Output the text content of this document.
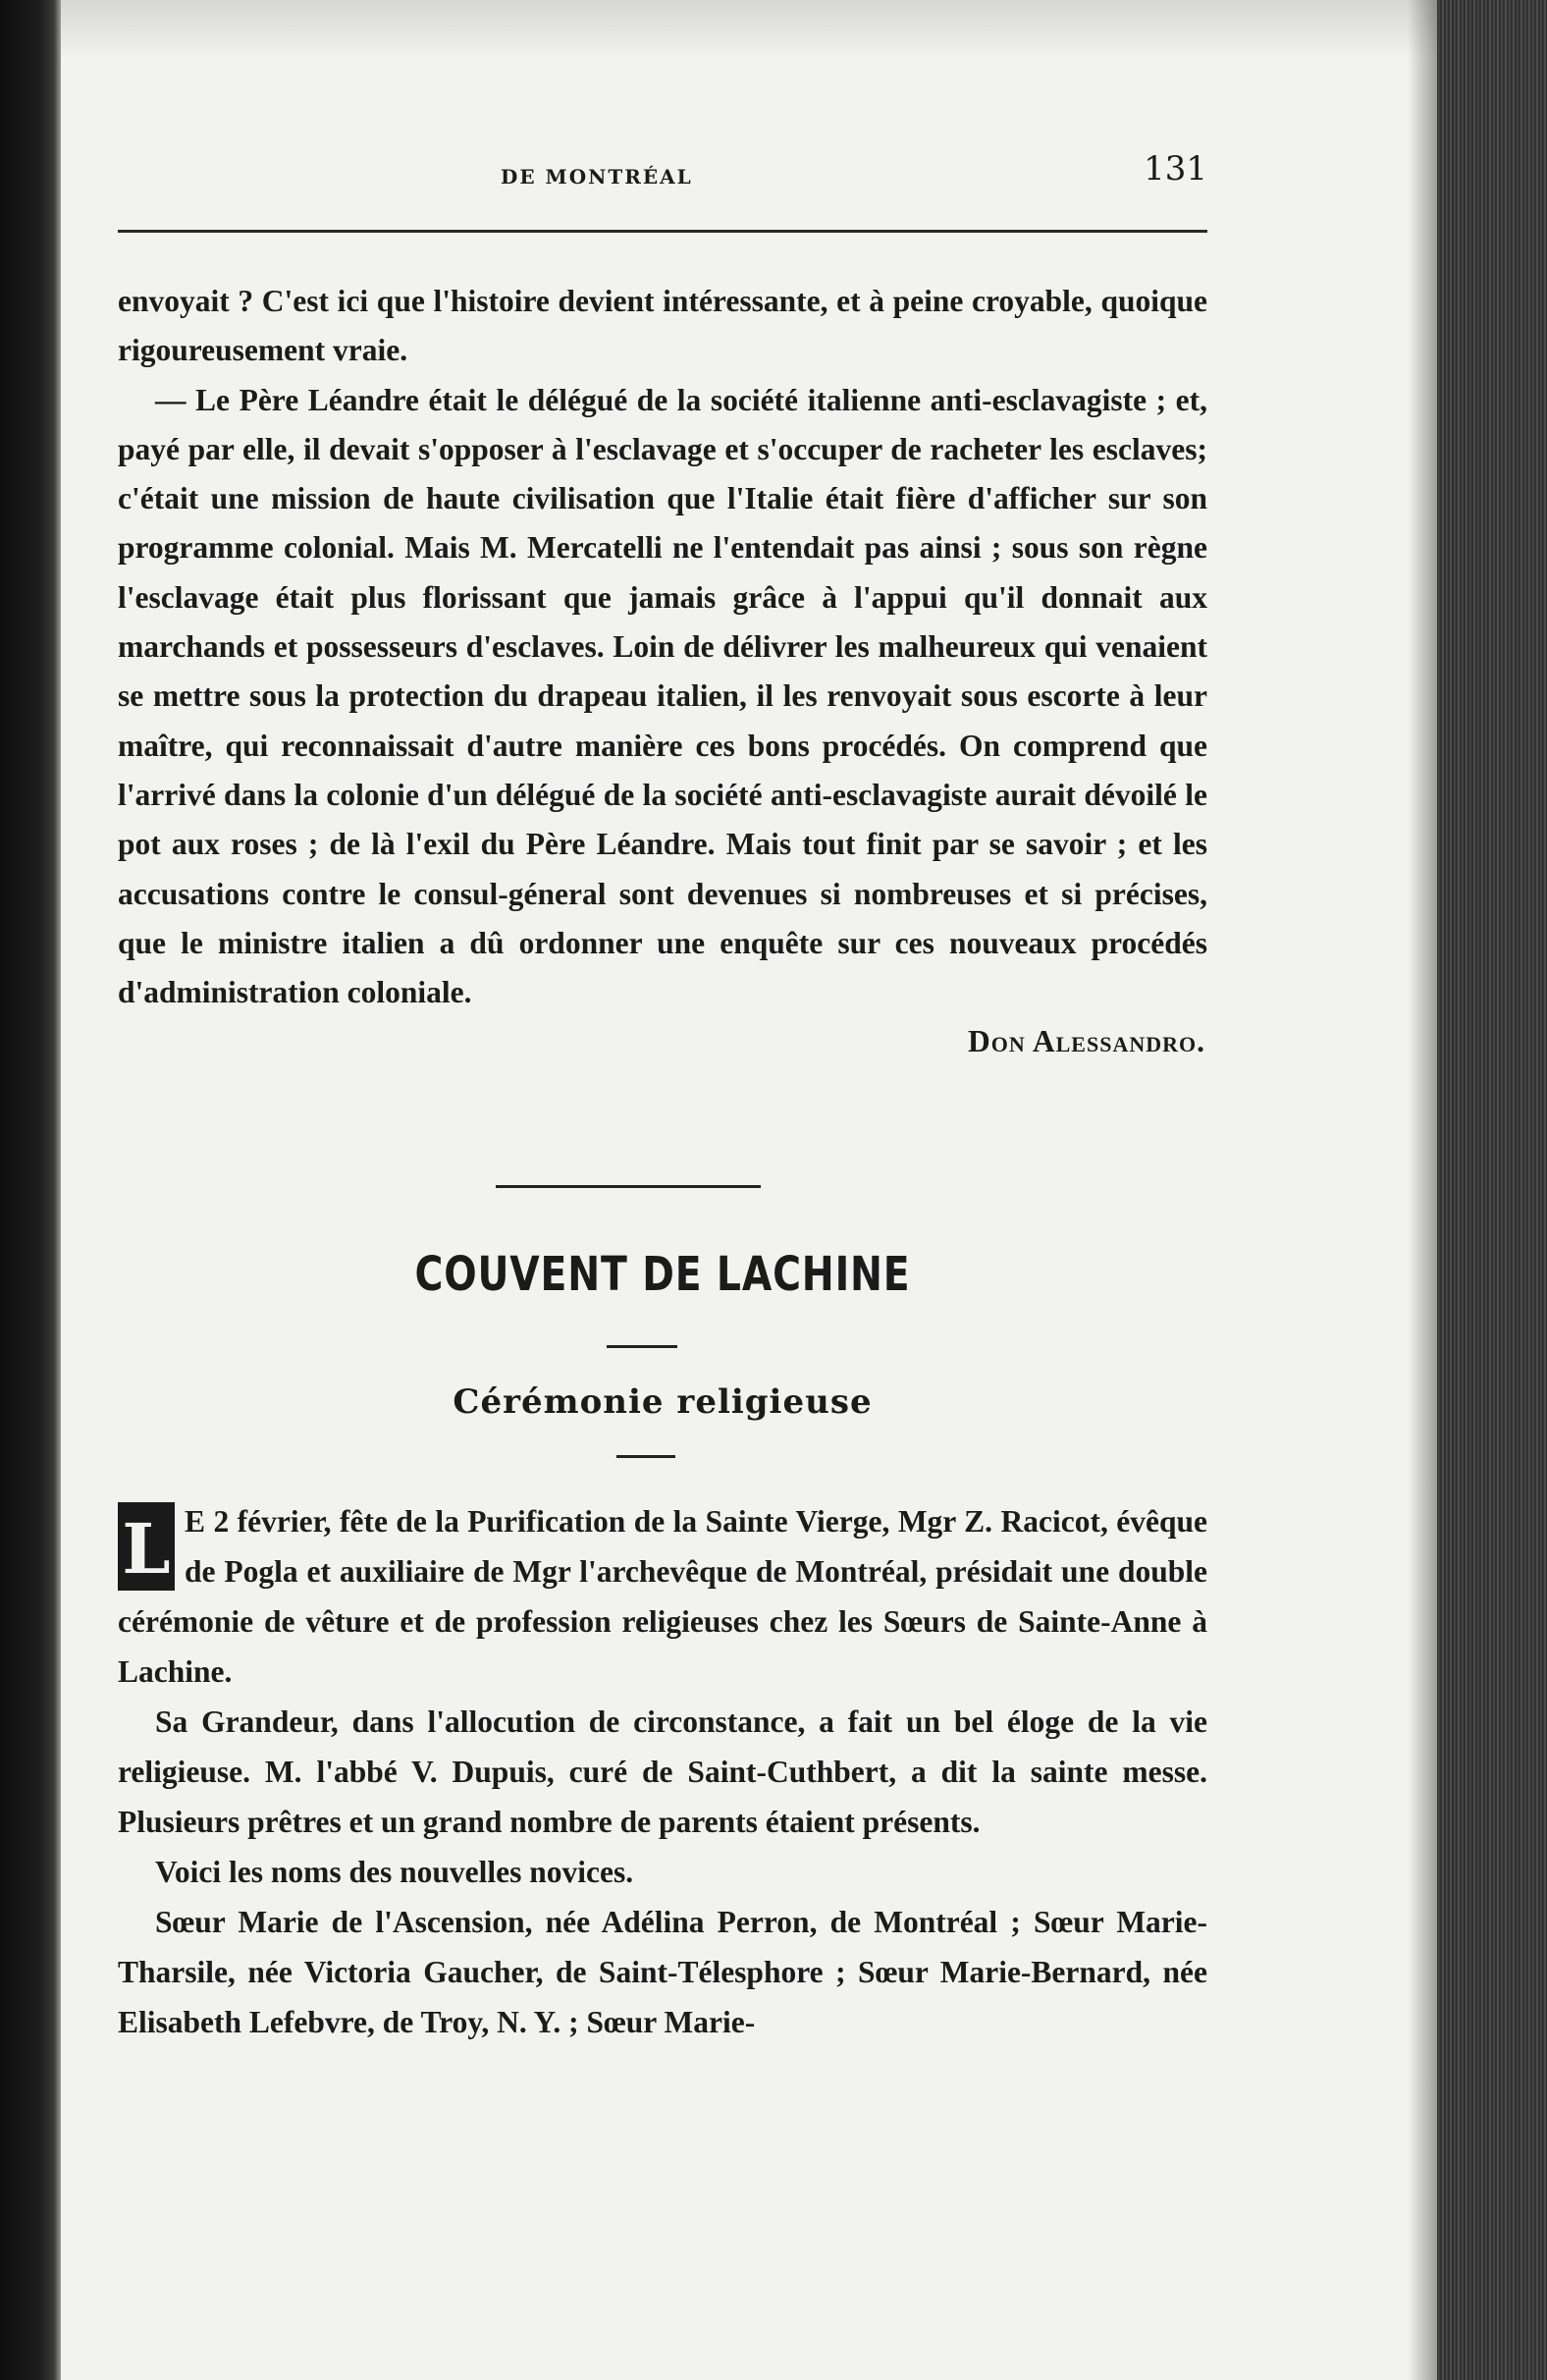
DE MONTRÉAL	131

envoyait ? C'est ici que l'histoire devient intéressante, et à peine croyable, quoique rigoureusement vraie.

— Le Père Léandre était le délégué de la société italienne anti-esclavagiste ; et, payé par elle, il devait s'opposer à l'esclavage et s'occuper de racheter les esclaves; c'était une mission de haute civilisation que l'Italie était fière d'afficher sur son programme colonial. Mais M. Mercatelli ne l'entendait pas ainsi ; sous son règne l'esclavage était plus florissant que jamais grâce à l'appui qu'il donnait aux marchands et possesseurs d'esclaves. Loin de délivrer les malheureux qui venaient se mettre sous la protection du drapeau italien, il les renvoyait sous escorte à leur maître, qui reconnaissait d'autre manière ces bons procédés. On comprend que l'arrivé dans la colonie d'un délégué de la société anti-esclavagiste aurait dévoilé le pot aux roses ; de là l'exil du Père Léandre. Mais tout finit par se savoir ; et les accusations contre le consul-géneral sont devenues si nombreuses et si précises, que le ministre italien a dû ordonner une enquête sur ces nouveaux procédés d'administration coloniale.

Don Alessandro.

COUVENT DE LACHINE
Cérémonie religieuse

L E 2 février, fête de la Purification de la Sainte Vierge, Mgr Z. Racicot, évêque de Pogla et auxiliaire de Mgr l'archevêque de Montréal, présidait une double cérémonie de vêture et de profession religieuses chez les Sœurs de Sainte-Anne à Lachine.

Sa Grandeur, dans l'allocution de circonstance, a fait un bel éloge de la vie religieuse. M. l'abbé V. Dupuis, curé de Saint-Cuthbert, a dit la sainte messe. Plusieurs prêtres et un grand nombre de parents étaient présents.

Voici les noms des nouvelles novices.

Sœur Marie de l'Ascension, née Adélina Perron, de Montréal ; Sœur Marie-Tharsile, née Victoria Gaucher, de Saint-Télesphore ; Sœur Marie-Bernard, née Elisabeth Lefebvre, de Troy, N. Y. ; Sœur Marie-
